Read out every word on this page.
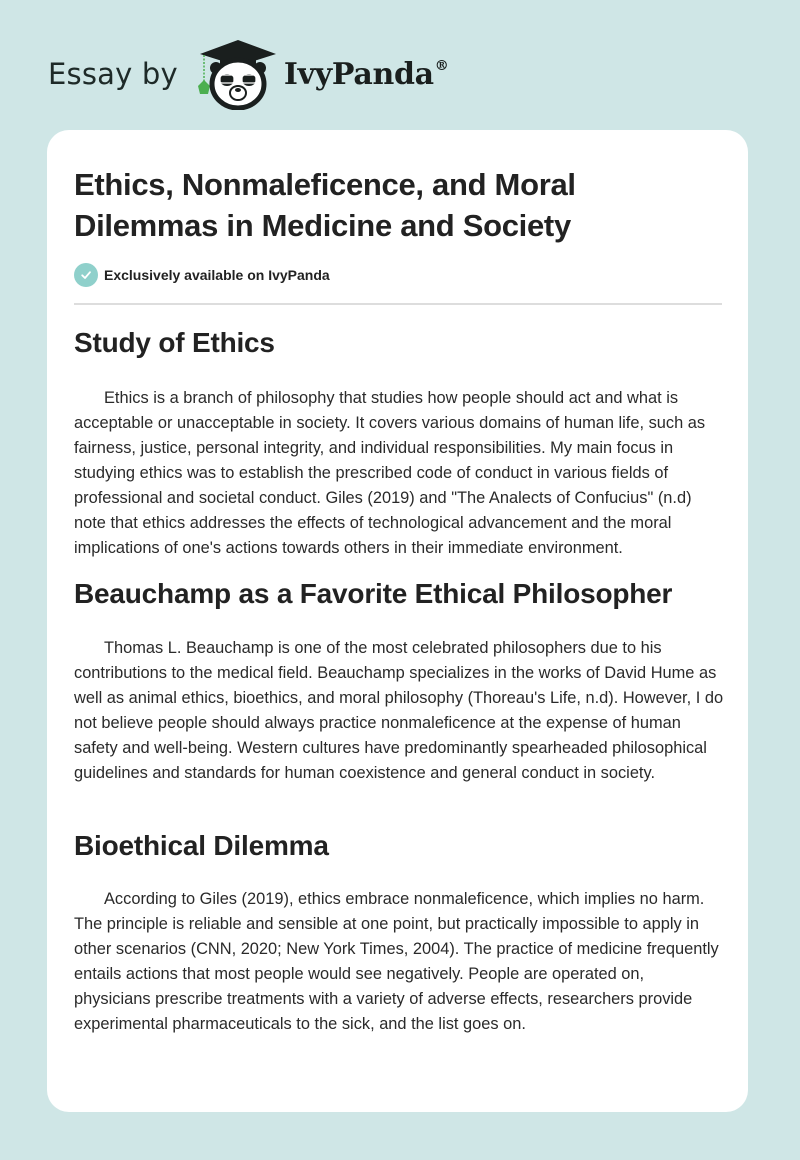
Essay by	IvyPanda®
Ethics, Nonmaleficence, and Moral Dilemmas in Medicine and Society
Exclusively available on IvyPanda
Study of Ethics

Ethics is a branch of philosophy that studies how people should act and what is acceptable or unacceptable in society. It covers various domains of human life, such as fairness, justice, personal integrity, and individual responsibilities. My main focus in studying ethics was to establish the prescribed code of conduct in various fields of professional and societal conduct. Giles (2019) and "The Analects of Confucius" (n.d) note that ethics addresses the effects of technological advancement and the moral implications of one's actions towards others in their immediate environment.

Beauchamp as a Favorite Ethical Philosopher

Thomas L. Beauchamp is one of the most celebrated philosophers due to his contributions to the medical field. Beauchamp specializes in the works of David Hume as well as animal ethics, bioethics, and moral philosophy (Thoreau's Life, n.d). However, I do not believe people should always practice nonmaleficence at the expense of human safety and well-being. Western cultures have predominantly spearheaded philosophical guidelines and standards for human coexistence and general conduct in society.

Bioethical Dilemma

According to Giles (2019), ethics embrace nonmaleficence, which implies no harm. The principle is reliable and sensible at one point, but practically impossible to apply in other scenarios (CNN, 2020; New York Times, 2004). The practice of medicine frequently entails actions that most people would see negatively. People are operated on, physicians prescribe treatments with a variety of adverse effects, researchers provide experimental pharmaceuticals to the sick, and the list goes on.
